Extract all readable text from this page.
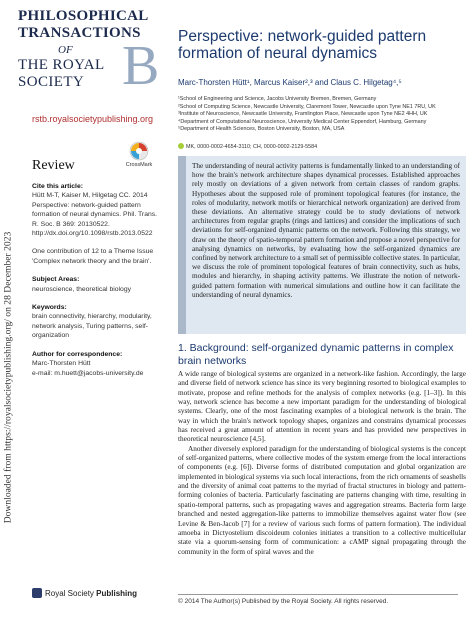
Downloaded from https://royalsocietypublishing.org/ on 28 December 2023
PHILOSOPHICAL
TRANSACTIONS
OF
THE ROYAL
SOCIETY B
rstb.royalsocietypublishing.org
Review	CrossMark

Cite this article:

Hütt M-T, Kaiser M, Hilgetag CC. 2014 Perspective: network-guided pattern formation of neural dynamics. Phil. Trans. R. Soc. B 369: 20130522. http://dx.doi.org/10.1098/rstb.2013.0522

One contribution of 12 to a Theme Issue 'Complex network theory and the brain'.

Subject Areas:

neuroscience, theoretical biology

Keywords:

brain connectivity, hierarchy, modularity, network analysis, Turing patterns, self-organization

Author for correspondence:

Marc-Thorsten Hütt

e-mail: m.huett@jacobs-university.de

Perspective: network-guided pattern formation of neural dynamics
Marc-Thorsten Hütt¹, Marcus Kaiser²,³ and Claus C. Hilgetag⁴,⁵
¹School of Engineering and Science, Jacobs University Bremen, Bremen, Germany
²School of Computing Science, Newcastle University, Claremont Tower, Newcastle upon Tyne NE1 7RU, UK
³Institute of Neuroscience, Newcastle University, Framlington Place, Newcastle upon Tyne NE2 4HH, UK
⁴Department of Computational Neuroscience, University Medical Center Eppendorf, Hamburg, Germany
⁵Department of Health Sciences, Boston University, Boston, MA, USA
MK, 0000-0002-4654-3110; CH, 0000-0002-2129-5584
The understanding of neural activity patterns is fundamentally linked to an understanding of how the brain's network architecture shapes dynamical processes. Established approaches rely mostly on deviations of a given network from certain classes of random graphs. Hypotheses about the supposed role of prominent topological features (for instance, the roles of modularity, network motifs or hierarchical network organization) are derived from these deviations. An alternative strategy could be to study deviations of network architectures from regular graphs (rings and lattices) and consider the implications of such deviations for self-organized dynamic patterns on the network. Following this strategy, we draw on the theory of spatio-temporal pattern formation and propose a novel perspective for analysing dynamics on networks, by evaluating how the self-organized dynamics are confined by network architecture to a small set of permissible collective states. In particular, we discuss the role of prominent topological features of brain connectivity, such as hubs, modules and hierarchy, in shaping activity patterns. We illustrate the notion of network-guided pattern formation with numerical simulations and outline how it can facilitate the understanding of neural dynamics.
1. Background: self-organized dynamic patterns in complex brain networks

A wide range of biological systems are organized in a network-like fashion. Accordingly, the large and diverse field of network science has since its very beginning resorted to biological examples to motivate, propose and refine methods for the analysis of complex networks (e.g. [1–3]). In this way, network science has become a new important paradigm for the understanding of biological systems. Clearly, one of the most fascinating examples of a biological network is the brain. The way in which the brain's network topology shapes, organizes and constrains dynamical processes has received a great amount of attention in recent years and has provided new perspectives in theoretical neuroscience [4,5].

Another diversely explored paradigm for the understanding of biological systems is the concept of self-organized patterns, where collective modes of the system emerge from the local interactions of components (e.g. [6]). Diverse forms of distributed computation and global organization are implemented in biological systems via such local interactions, from the rich ornaments of seashells and the diversity of animal coat patterns to the myriad of fractal structures in biology and pattern-forming colonies of bacteria. Particularly fascinating are patterns changing with time, resulting in spatio-temporal patterns, such as propagating waves and aggregation streams. Bacteria form large branched and nested aggregation-like patterns to immobilize themselves against water flow (see Levine & Ben-Jacob [7] for a review of various such forms of pattern formation). The individual amoeba in Dictyostelium discoideum colonies initiates a transition to a collective multicellular state via a quorum-sensing form of communication: a cAMP signal propagating through the community in the form of spiral waves and the

© 2014 The Author(s) Published by the Royal Society. All rights reserved.
Royal Society Publishing
